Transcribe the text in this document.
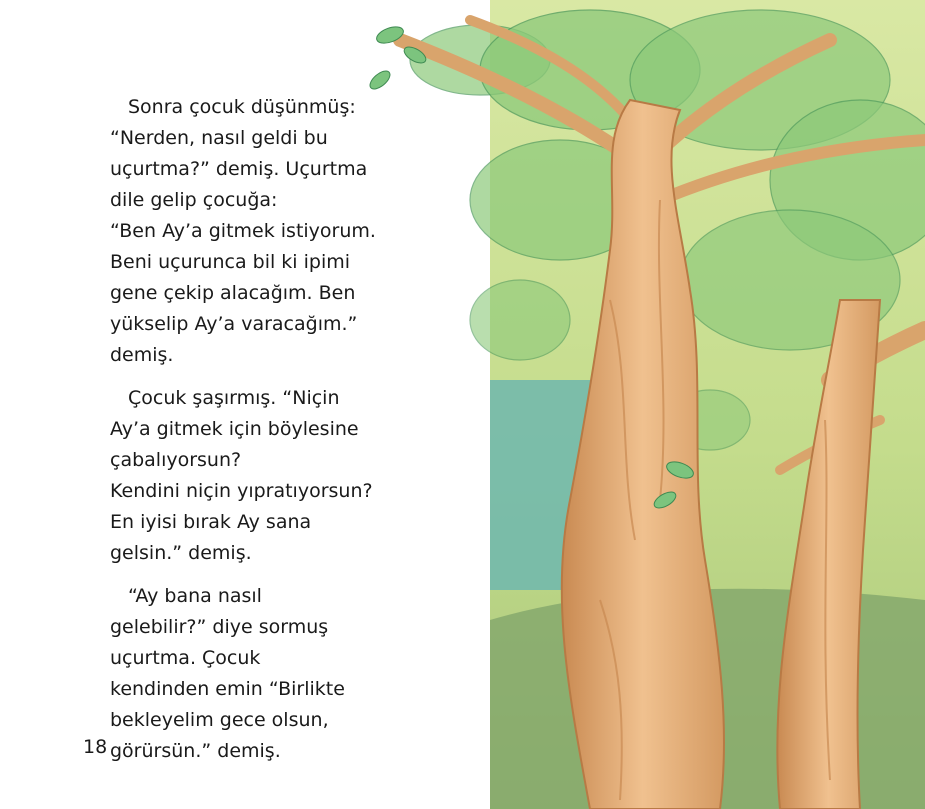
Sonra çocuk düşünmüş:
“Nerden, nasıl geldi bu
uçurtma?” demiş. Uçurtma
dile gelip çocuğa:
“Ben Ay’a gitmek istiyorum.
Beni uçurunca bil ki ipimi
gene çekip alacağım. Ben
yükselip Ay’a varacağım.”
demiş.

Çocuk şaşırmış. “Niçin
Ay’a gitmek için böylesine
çabalıyorsun?
Kendini niçin yıpratıyorsun?
En iyisi bırak Ay sana
gelsin.” demiş.

“Ay bana nasıl
gelebilir?” diye sormuş
uçurtma. Çocuk
kendinden emin “Birlikte
bekleyelim gece olsun,
görürsün.” demiş.

18
